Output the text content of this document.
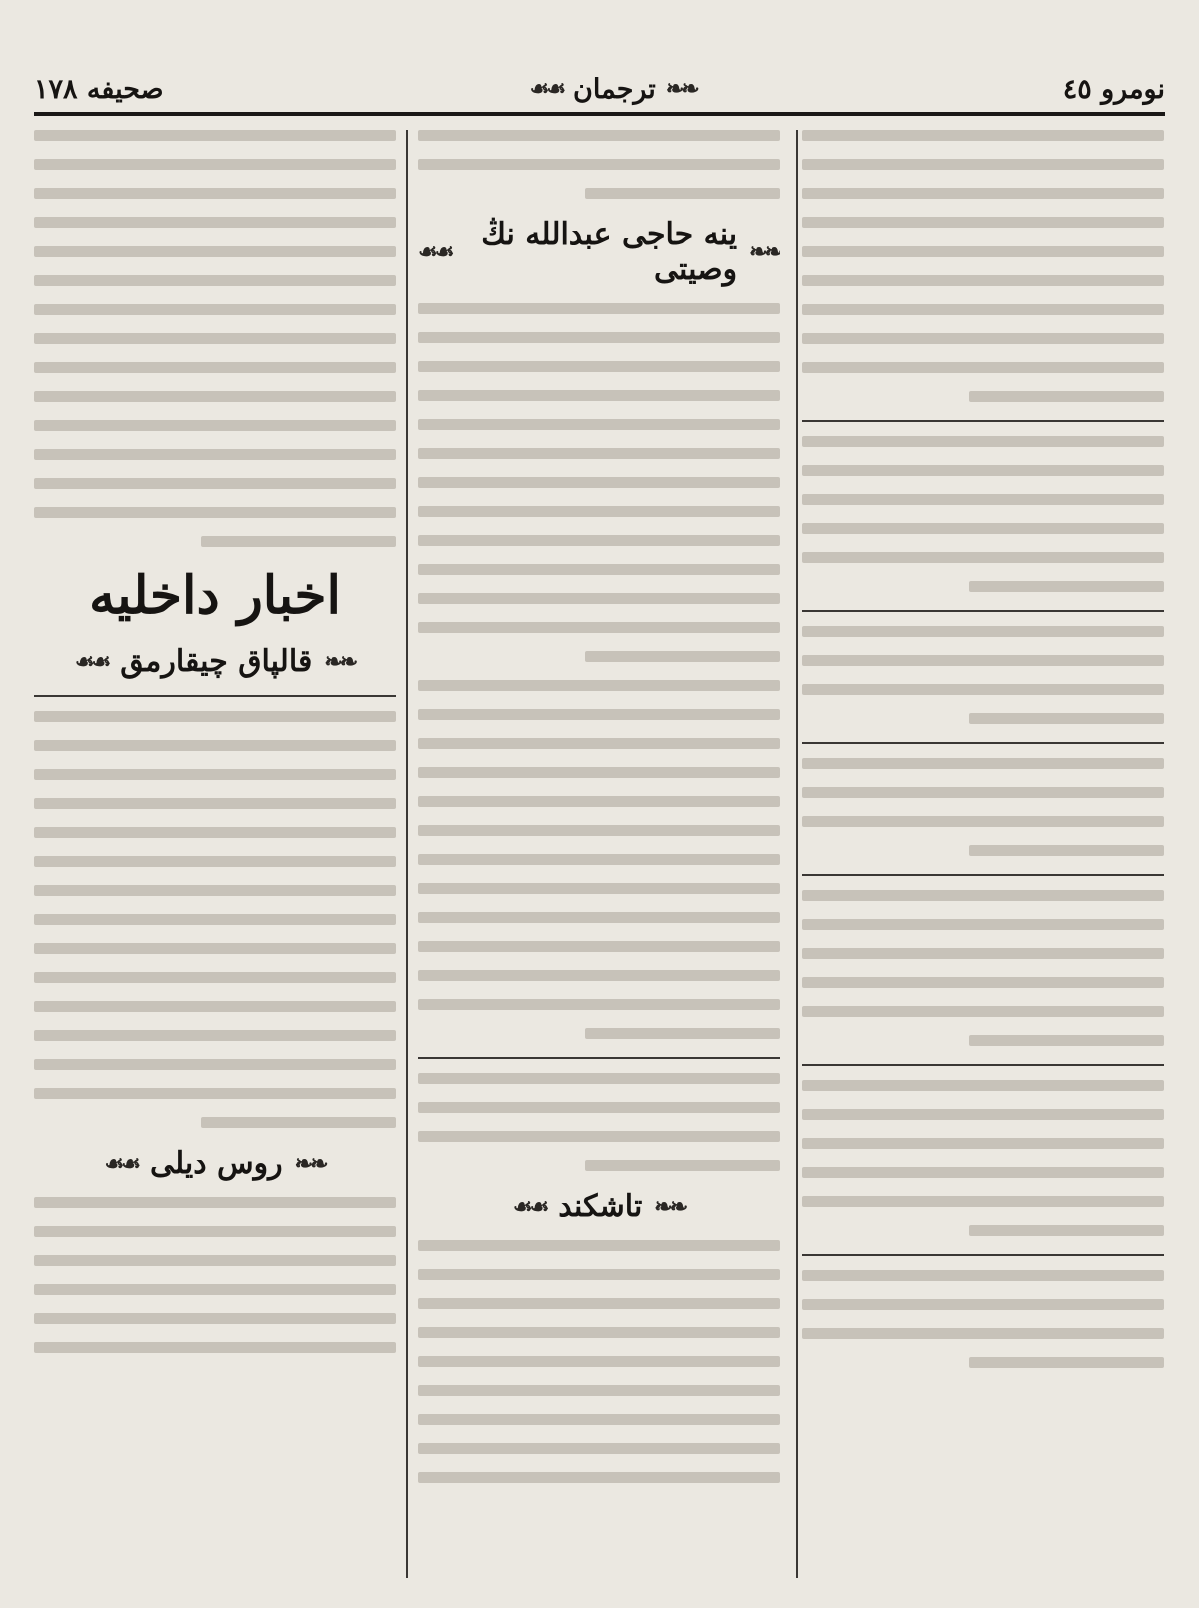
نومرو ٤٥
❧❧
ترجمان
☙☙
صحيفه ١٧٨
❧❧
ينه حاجى عبدالله نڭ وصيتى
☙☙
❧❧
تاشكند
☙☙
اخبار داخليه
❧❧
قالپاق چيقارمق
☙☙
❧❧
روس ديلى
☙☙
